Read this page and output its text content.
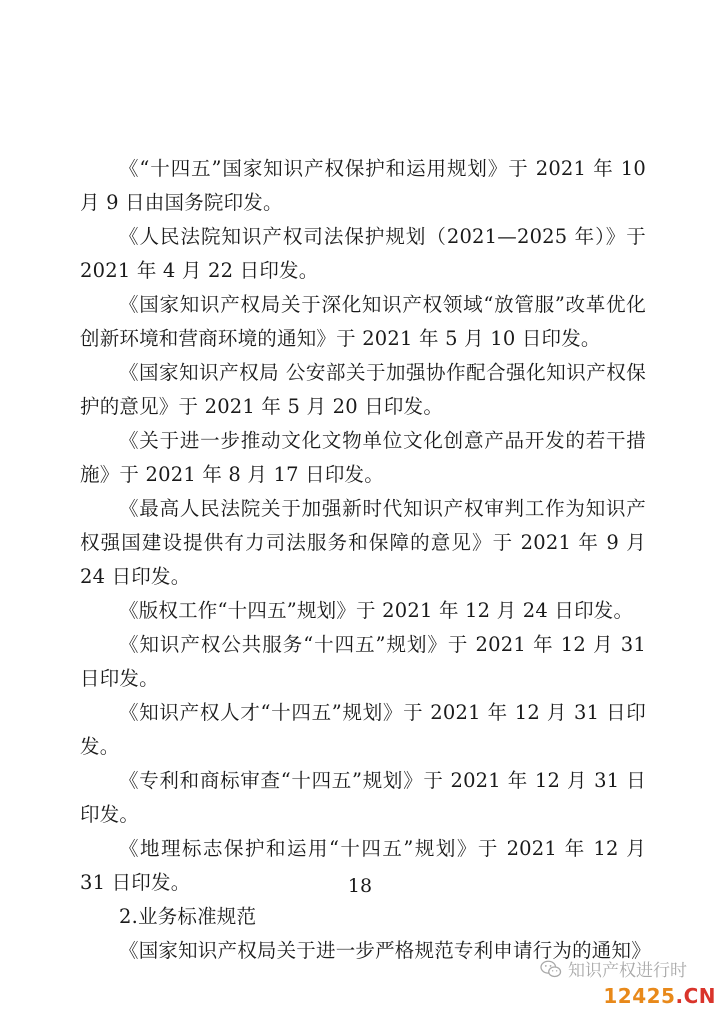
《“十四五”国家知识产权保护和运用规划》于 2021 年 10 月 9 日由国务院印发。

《人民法院知识产权司法保护规划（2021—2025 年）》于 2021 年 4 月 22 日印发。

《国家知识产权局关于深化知识产权领域“放管服”改革优化创新环境和营商环境的通知》于 2021 年 5 月 10 日印发。

《国家知识产权局 公安部关于加强协作配合强化知识产权保护的意见》于 2021 年 5 月 20 日印发。

《关于进一步推动文化文物单位文化创意产品开发的若干措施》于 2021 年 8 月 17 日印发。

《最高人民法院关于加强新时代知识产权审判工作为知识产权强国建设提供有力司法服务和保障的意见》于 2021 年 9 月 24 日印发。

《版权工作“十四五”规划》于 2021 年 12 月 24 日印发。

《知识产权公共服务“十四五”规划》于 2021 年 12 月 31 日印发。

《知识产权人才“十四五”规划》于 2021 年 12 月 31 日印发。

《专利和商标审查“十四五”规划》于 2021 年 12 月 31 日印发。

《地理标志保护和运用“十四五”规划》于 2021 年 12 月 31 日印发。

2.业务标准规范

《国家知识产权局关于进一步严格规范专利申请行为的通知》

18
知识产权进行时
12425.CN
